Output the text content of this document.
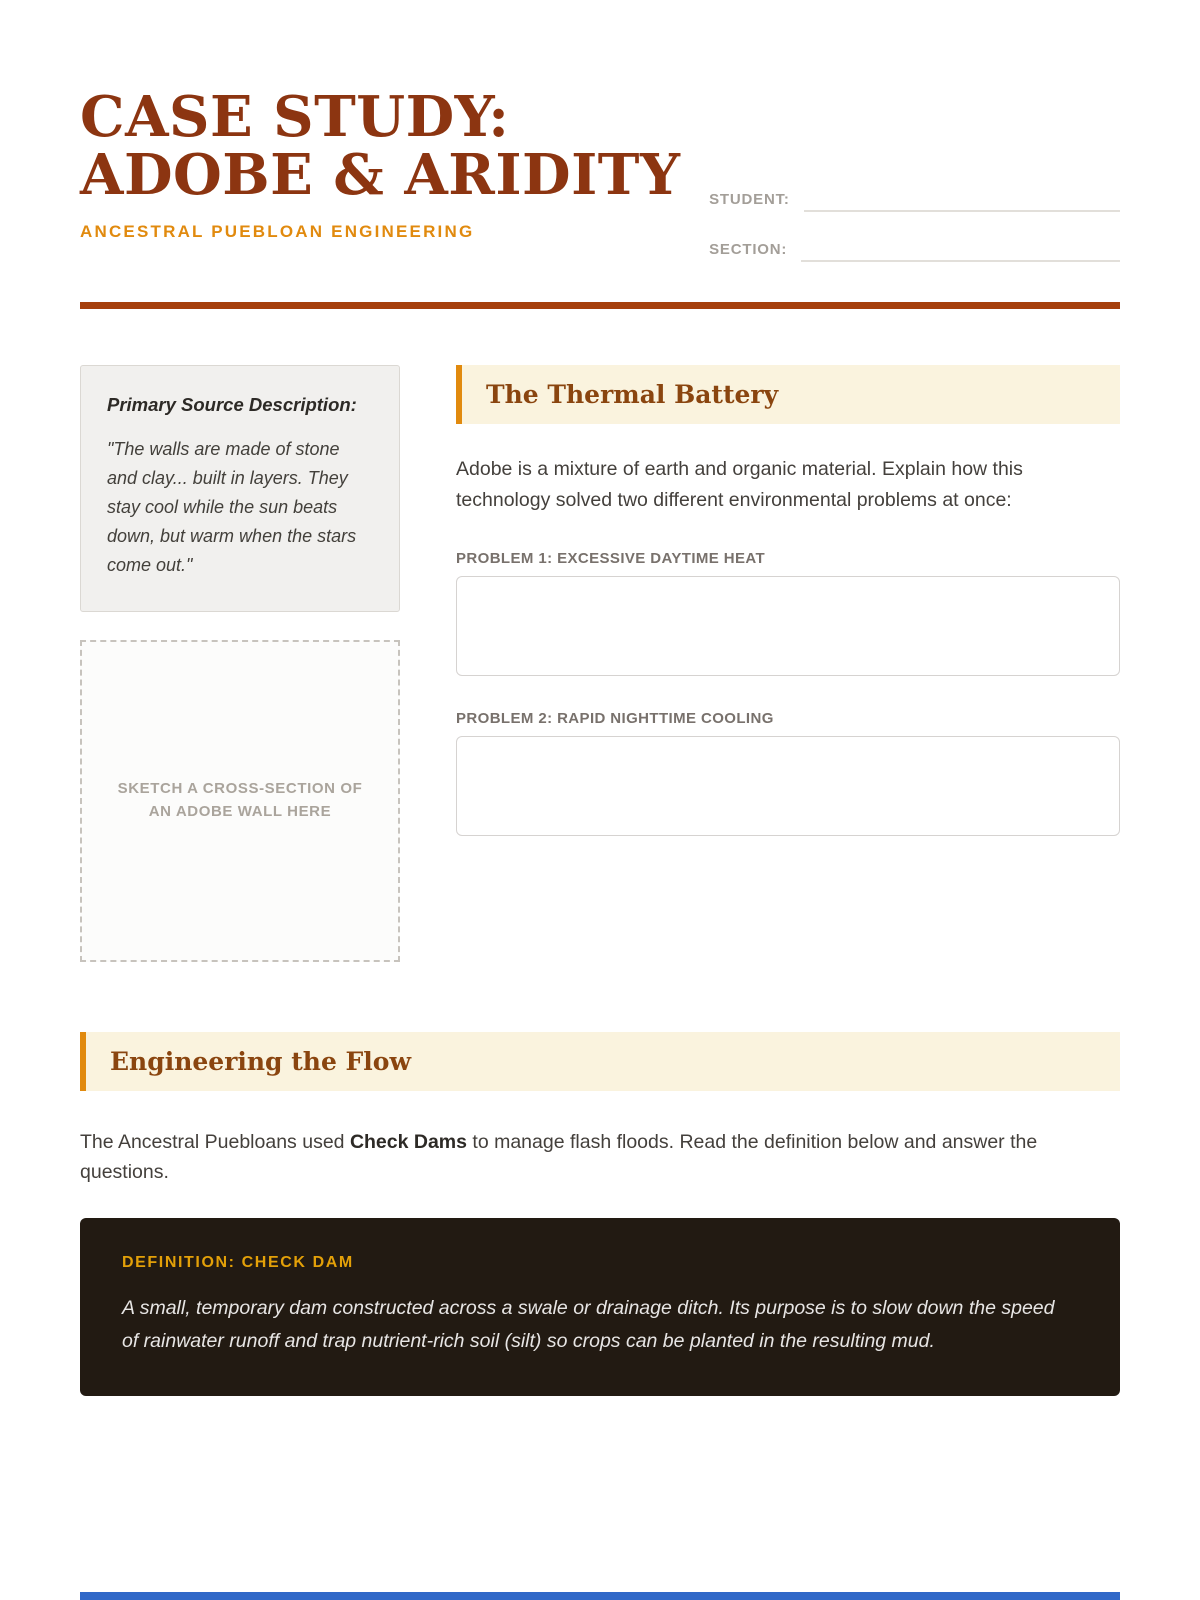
CASE STUDY: ADOBE & ARIDITY
ANCESTRAL PUEBLOAN ENGINEERING
STUDENT:
SECTION:
Primary Source Description:
"The walls are made of stone and clay... built in layers. They stay cool while the sun beats down, but warm when the stars come out."
SKETCH A CROSS-SECTION OF AN ADOBE WALL HERE
The Thermal Battery

Adobe is a mixture of earth and organic material. Explain how this technology solved two different environmental problems at once:

PROBLEM 1: EXCESSIVE DAYTIME HEAT
PROBLEM 2: RAPID NIGHTTIME COOLING
Engineering the Flow

The Ancestral Puebloans used Check Dams to manage flash floods. Read the definition below and answer the questions.

DEFINITION: CHECK DAM
A small, temporary dam constructed across a swale or drainage ditch. Its purpose is to slow down the speed of rainwater runoff and trap nutrient-rich soil (silt) so crops can be planted in the resulting mud.
